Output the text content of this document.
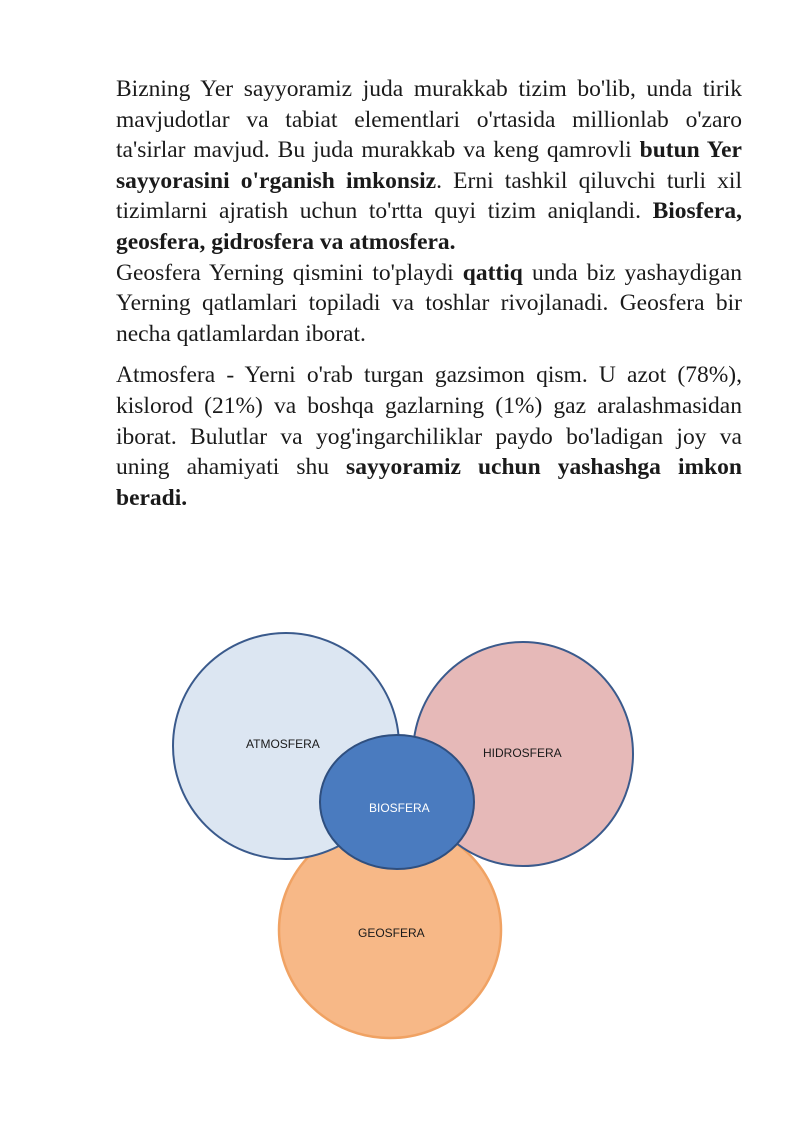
Bizning Yer sayyoramiz juda murakkab tizim bo'lib, unda tirik mavjudotlar va tabiat elementlari o'rtasida millionlab o'zaro ta'sirlar mavjud. Bu juda murakkab va keng qamrovli butun Yer sayyorasini o'rganish imkonsiz. Erni tashkil qiluvchi turli xil tizimlarni ajratish uchun to'rtta quyi tizim aniqlandi. Biosfera, geosfera, gidrosfera va atmosfera.

Geosfera Yerning qismini to'playdi qattiq unda biz yashaydigan Yerning qatlamlari topiladi va toshlar rivojlanadi. Geosfera bir necha qatlamlardan iborat.

Atmosfera - Yerni o'rab turgan gazsimon qism. U azot (78%), kislorod (21%) va boshqa gazlarning (1%) gaz aralashmasidan iborat. Bulutlar va yog'ingarchiliklar paydo bo'ladigan joy va uning ahamiyati shu sayyoramiz uchun yashashga imkon beradi.

ATMOSFERA
HIDROSFERA
BIOSFERA
GEOSFERA
